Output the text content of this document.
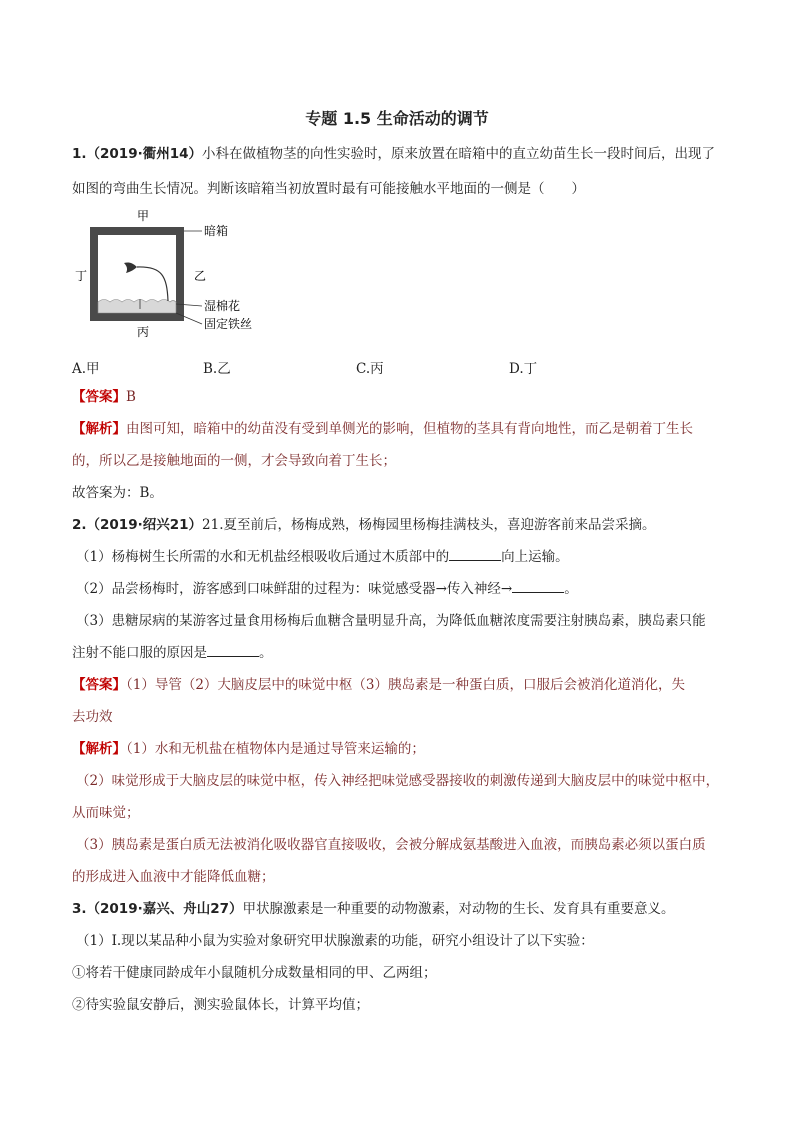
专题 1.5 生命活动的调节
1.（2019·衢州14）小科在做植物茎的向性实验时，原来放置在暗箱中的直立幼苗生长一段时间后，出现了
如图的弯曲生长情况。判断该暗箱当初放置时最有可能接触水平地面的一侧是（　　）
甲
丁	乙
丙
暗箱
湿棉花
固定铁丝
A.甲	B.乙	C.丙	D.丁
【答案】B
【解析】由图可知，暗箱中的幼苗没有受到单侧光的影响，但植物的茎具有背向地性，而乙是朝着丁生长
的，所以乙是接触地面的一侧，才会导致向着丁生长；
故答案为：B。
2.（2019·绍兴21）21.夏至前后，杨梅成熟，杨梅园里杨梅挂满枝头，喜迎游客前来品尝采摘。
（1）杨梅树生长所需的水和无机盐经根吸收后通过木质部中的	向上运输。
（2）品尝杨梅时，游客感到口味鲜甜的过程为：味觉感受器→传入神经→	。
（3）患糖尿病的某游客过量食用杨梅后血糖含量明显升高，为降低血糖浓度需要注射胰岛素，胰岛素只能
注射不能口服的原因是	。
【答案】（1）导管（2）大脑皮层中的味觉中枢（3）胰岛素是一种蛋白质，口服后会被消化道消化，失
去功效
【解析】（1）水和无机盐在植物体内是通过导管来运输的；
（2）味觉形成于大脑皮层的味觉中枢，传入神经把味觉感受器接收的刺激传递到大脑皮层中的味觉中枢中，
从而味觉；
（3）胰岛素是蛋白质无法被消化吸收器官直接吸收，会被分解成氨基酸进入血液，而胰岛素必须以蛋白质
的形成进入血液中才能降低血糖；
3.（2019·嘉兴、舟山27）甲状腺激素是一种重要的动物激素，对动物的生长、发育具有重要意义。
（1）Ⅰ.现以某品种小鼠为实验对象研究甲状腺激素的功能，研究小组设计了以下实验：
①将若干健康同龄成年小鼠随机分成数量相同的甲、乙两组；
②待实验鼠安静后，测实验鼠体长，计算平均值；
